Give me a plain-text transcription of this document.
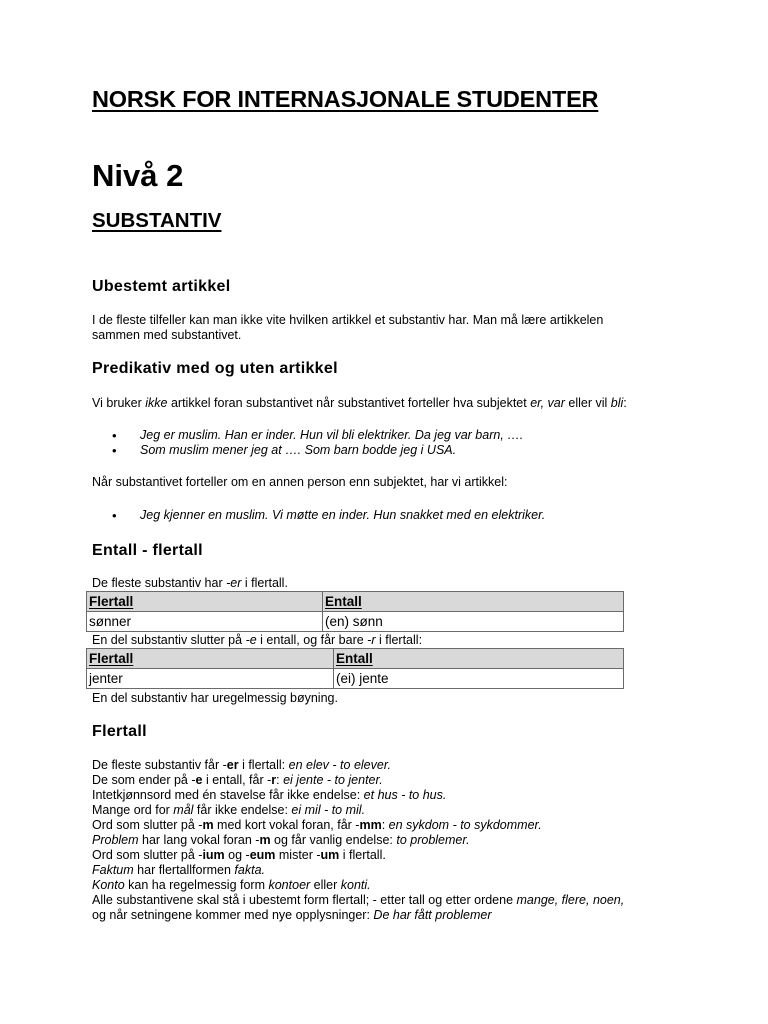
NORSK FOR INTERNASJONALE STUDENTER
Nivå 2
SUBSTANTIV
Ubestemt artikkel

I de fleste tilfeller kan man ikke vite hvilken artikkel et substantiv har. Man må lære artikkelen
sammen med substantivet.

Predikativ med og uten artikkel

Vi bruker ikke artikkel foran substantivet når substantivet forteller hva subjektet er, var eller vil bli:

• Jeg er muslim. Han er inder. Hun vil bli elektriker. Da jeg var barn, ….
• Som muslim mener jeg at …. Som barn bodde jeg i USA.

Når substantivet forteller om en annen person enn subjektet, har vi artikkel:

• Jeg kjenner en muslim. Vi møtte en inder. Hun snakket med en elektriker.
Entall - flertall

De fleste substantiv har -er i flertall.

Flertall	Entall
sønner	(en) sønn

En del substantiv slutter på -e i entall, og får bare -r i flertall:

Flertall	Entall
jenter	(ei) jente

En del substantiv har uregelmessig bøyning.

Flertall
De fleste substantiv får -er i flertall: en elev - to elever.
De som ender på -e i entall, får -r: ei jente - to jenter.
Intetkjønnsord med én stavelse får ikke endelse: et hus - to hus.
Mange ord for mål får ikke endelse: ei mil - to mil.
Ord som slutter på -m med kort vokal foran, får -mm: en sykdom - to sykdommer.
Problem har lang vokal foran -m og får vanlig endelse: to problemer.
Ord som slutter på -ium og -eum mister -um i flertall.
Faktum har flertallformen fakta.
Konto kan ha regelmessig form kontoer eller konti.
Alle substantivene skal stå i ubestemt form flertall; - etter tall og etter ordene mange, flere, noen,
og når setningene kommer med nye opplysninger: De har fått problemer
